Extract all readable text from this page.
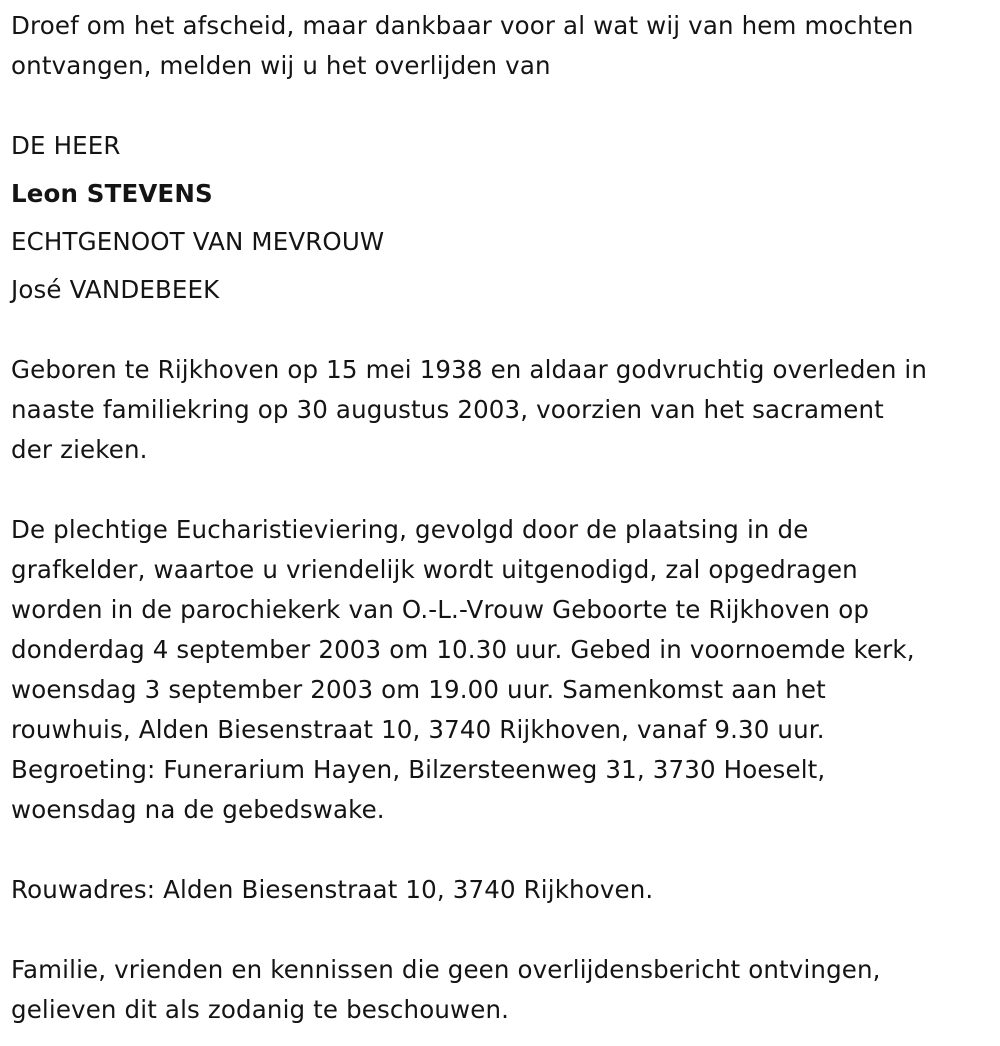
Droef om het afscheid, maar dankbaar voor al wat wij van hem mochten
ontvangen, melden wij u het overlijden van

DE HEER
Leon STEVENS
ECHTGENOOT VAN MEVROUW
José VANDEBEEK

Geboren te Rijkhoven op 15 mei 1938 en aldaar godvruchtig overleden in
naaste familiekring op 30 augustus 2003, voorzien van het sacrament
der zieken.

De plechtige Eucharistieviering, gevolgd door de plaatsing in de
grafkelder, waartoe u vriendelijk wordt uitgenodigd, zal opgedragen
worden in de parochiekerk van O.-L.-Vrouw Geboorte te Rijkhoven op
donderdag 4 september 2003 om 10.30 uur. Gebed in voornoemde kerk,
woensdag 3 september 2003 om 19.00 uur. Samenkomst aan het
rouwhuis, Alden Biesenstraat 10, 3740 Rijkhoven, vanaf 9.30 uur.
Begroeting: Funerarium Hayen, Bilzersteenweg 31, 3730 Hoeselt,
woensdag na de gebedswake.

Rouwadres: Alden Biesenstraat 10, 3740 Rijkhoven.

Familie, vrienden en kennissen die geen overlijdensbericht ontvingen,
gelieven dit als zodanig te beschouwen.
